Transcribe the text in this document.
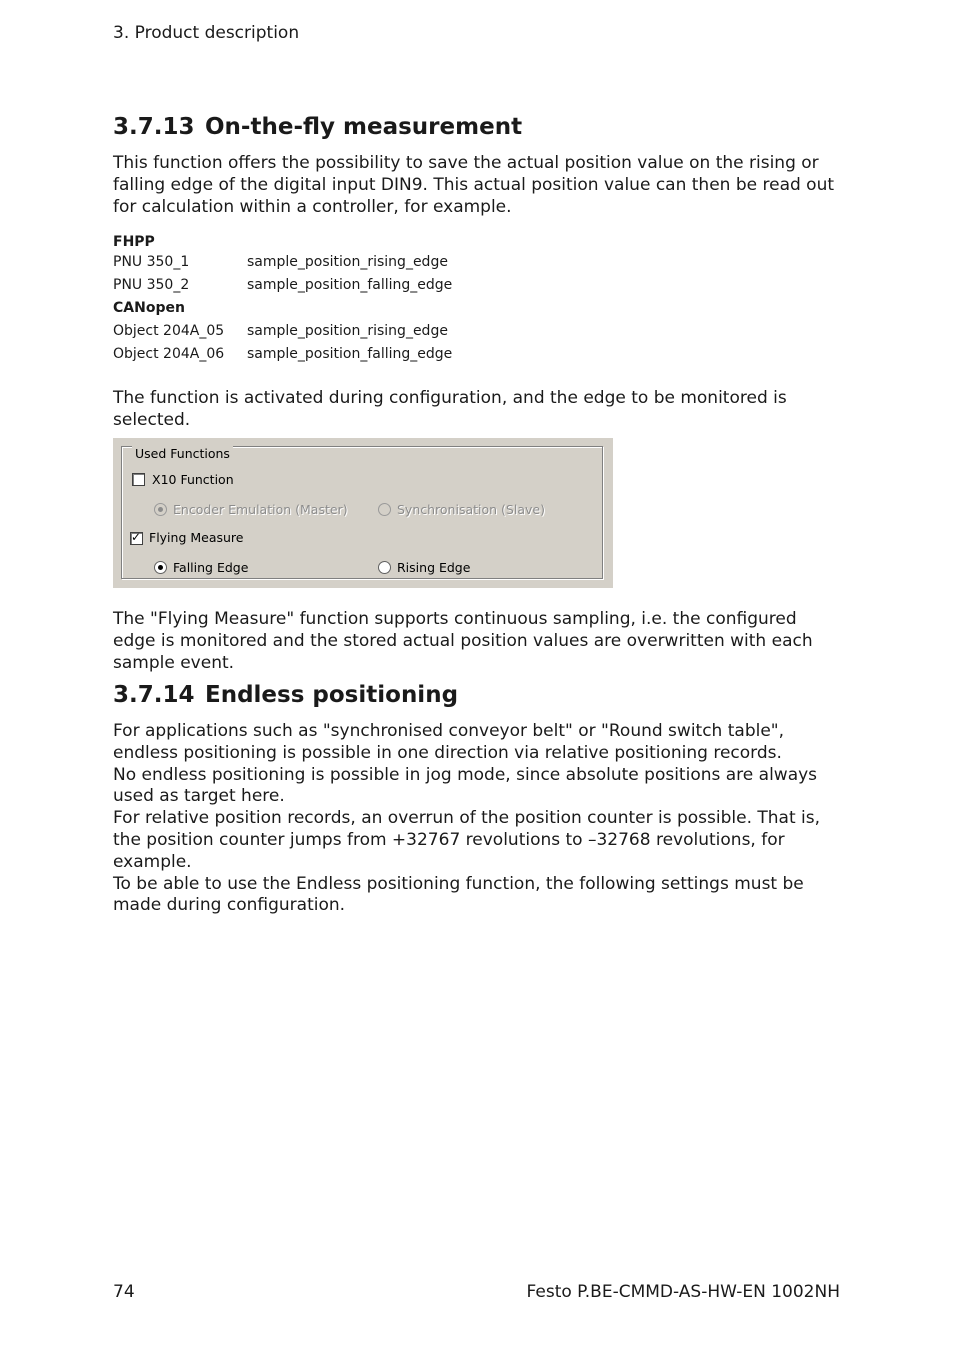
3. Product description
3.7.13 On-the-fly measurement

This function offers the possibility to save the actual position value on the rising or falling edge of the digital input DIN9. This actual position value can then be read out for calculation within a controller, for example.

FHPP
PNU 350_1	sample_position_rising_edge
PNU 350_2	sample_position_falling_edge
CANopen
Object 204A_05	sample_position_rising_edge
Object 204A_06	sample_position_falling_edge

The function is activated during configuration, and the edge to be monitored is selected.

Used Functions
X10 Function
Encoder Emulation (Master)	Synchronisation (Slave)
✓ Flying Measure
Falling Edge	Rising Edge

The "Flying Measure" function supports continuous sampling, i.e. the configured edge is monitored and the stored actual position values are overwritten with each sample event.

3.7.14 Endless positioning

For applications such as "synchronised conveyor belt" or "Round switch table", endless positioning is possible in one direction via relative positioning records.

No endless positioning is possible in jog mode, since absolute positions are always used as target here.

For relative position records, an overrun of the position counter is possible. That is, the position counter jumps from +32767 revolutions to –32768 revolutions, for example.

To be able to use the Endless positioning function, the following settings must be made during configuration.

74	Festo P.BE-CMMD-AS-HW-EN 1002NH
